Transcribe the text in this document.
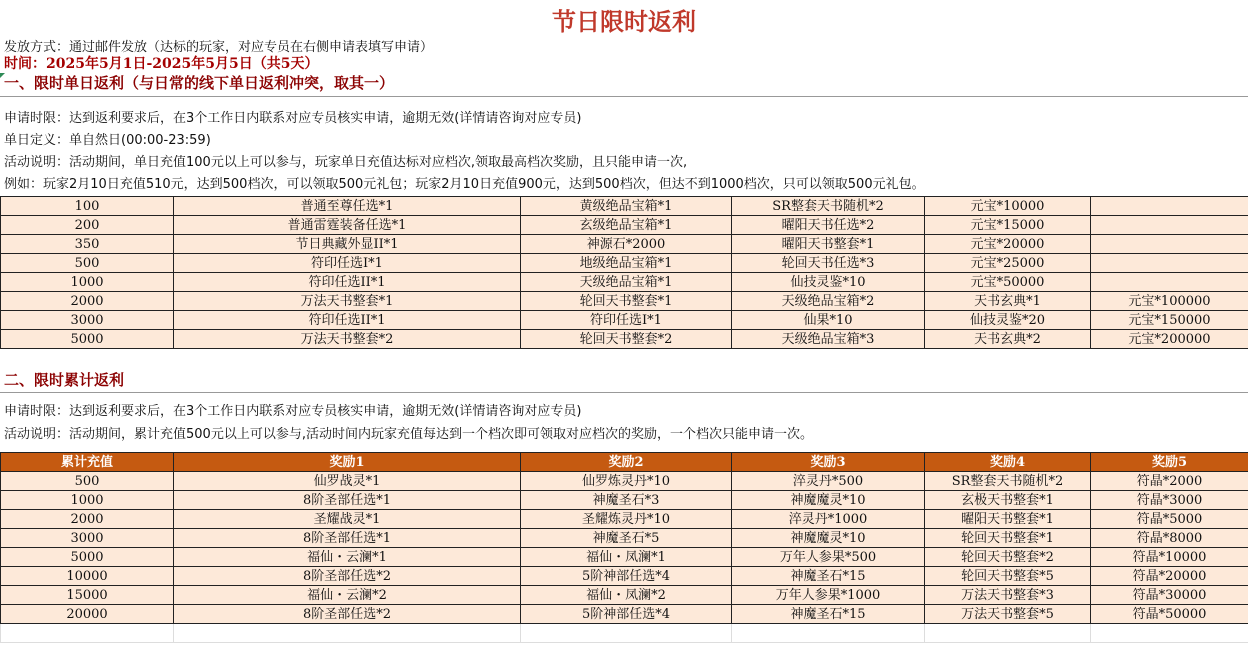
节日限时返利
发放方式：通过邮件发放（达标的玩家，对应专员在右侧申请表填写申请）
时间：2025年5月1日-2025年5月5日（共5天）
一、限时单日返利（与日常的线下单日返利冲突，取其一）
申请时限：达到返利要求后，在3个工作日内联系对应专员核实申请，逾期无效(详情请咨询对应专员)
单日定义：单自然日(00:00-23:59)
活动说明：活动期间，单日充值100元以上可以参与，玩家单日充值达标对应档次,领取最高档次奖励，且只能申请一次,
例如：玩家2月10日充值510元，达到500档次，可以领取500元礼包；玩家2月10日充值900元，达到500档次，但达不到1000档次，只可以领取500元礼包。
100	普通至尊任选*1	黄级绝品宝箱*1	SR整套天书随机*2	元宝*10000	
200	普通雷霆装备任选*1	玄级绝品宝箱*1	曜阳天书任选*2	元宝*15000	
350	节日典藏外显II*1	神源石*2000	曜阳天书整套*1	元宝*20000	
500	符印任选I*1	地级绝品宝箱*1	轮回天书任选*3	元宝*25000	
1000	符印任选II*1	天级绝品宝箱*1	仙技灵鉴*10	元宝*50000	
2000	万法天书整套*1	轮回天书整套*1	天级绝品宝箱*2	天书玄典*1	元宝*100000
3000	符印任选II*1	符印任选I*1	仙果*10	仙技灵鉴*20	元宝*150000
5000	万法天书整套*2	轮回天书整套*2	天级绝品宝箱*3	天书玄典*2	元宝*200000
二、限时累计返利
申请时限：达到返利要求后，在3个工作日内联系对应专员核实申请，逾期无效(详情请咨询对应专员)
活动说明：活动期间，累计充值500元以上可以参与,活动时间内玩家充值每达到一个档次即可领取对应档次的奖励，一个档次只能申请一次。
累计充值	奖励1	奖励2	奖励3	奖励4	奖励5
500	仙罗战灵*1	仙罗炼灵丹*10	淬灵丹*500	SR整套天书随机*2	符晶*2000
1000	8阶圣部任选*1	神魔圣石*3	神魔魔灵*10	玄极天书整套*1	符晶*3000
2000	圣耀战灵*1	圣耀炼灵丹*10	淬灵丹*1000	曜阳天书整套*1	符晶*5000
3000	8阶圣部任选*1	神魔圣石*5	神魔魔灵*10	轮回天书整套*1	符晶*8000
5000	福仙・云澜*1	福仙・凤澜*1	万年人参果*500	轮回天书整套*2	符晶*10000
10000	8阶圣部任选*2	5阶神部任选*4	神魔圣石*15	轮回天书整套*5	符晶*20000
15000	福仙・云澜*2	福仙・凤澜*2	万年人参果*1000	万法天书整套*3	符晶*30000
20000	8阶圣部任选*2	5阶神部任选*4	神魔圣石*15	万法天书整套*5	符晶*50000
